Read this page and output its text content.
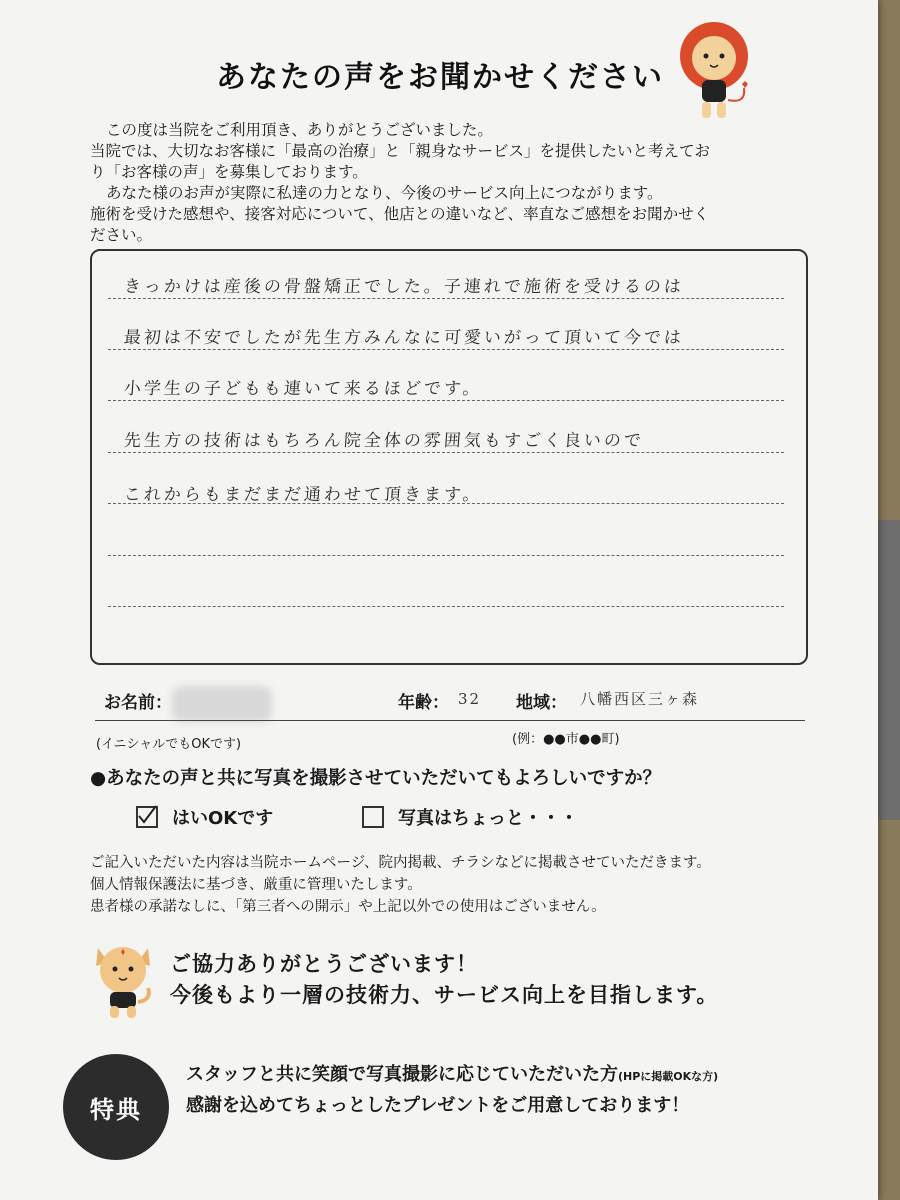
あなたの声をお聞かせください
この度は当院をご利用頂き、ありがとうございました。
当院では、大切なお客様に「最高の治療」と「親身なサービス」を提供したいと考えてお
り「お客様の声」を募集しております。
あなた様のお声が実際に私達の力となり、今後のサービス向上につながります。
施術を受けた感想や、接客対応について、他店との違いなど、率直なご感想をお聞かせく
ださい。
きっかけは産後の骨盤矯正でした。子連れで施術を受けるのは
最初は不安でしたが先生方みんなに可愛いがって頂いて今では
小学生の子どもも連いて来るほどです。
先生方の技術はもちろん院全体の雰囲気もすごく良いので
これからもまだまだ通わせて頂きます。
お名前：	年齢： 32 地域： 八幡西区三ヶ森
(イニシャルでもOKです)	(例：●●市●●町)
●あなたの声と共に写真を撮影させていただいてもよろしいですか？
はいOKです	写真はちょっと・・・
ご記入いただいた内容は当院ホームページ、院内掲載、チラシなどに掲載させていただきます。
個人情報保護法に基づき、厳重に管理いたします。
患者様の承諾なしに、「第三者への開示」や上記以外での使用はございません。
ご協力ありがとうございます！
今後もより一層の技術力、サービス向上を目指します。
特典
スタッフと共に笑顔で写真撮影に応じていただいた方(HPに掲載OKな方)
感謝を込めてちょっとしたプレゼントをご用意しております！
